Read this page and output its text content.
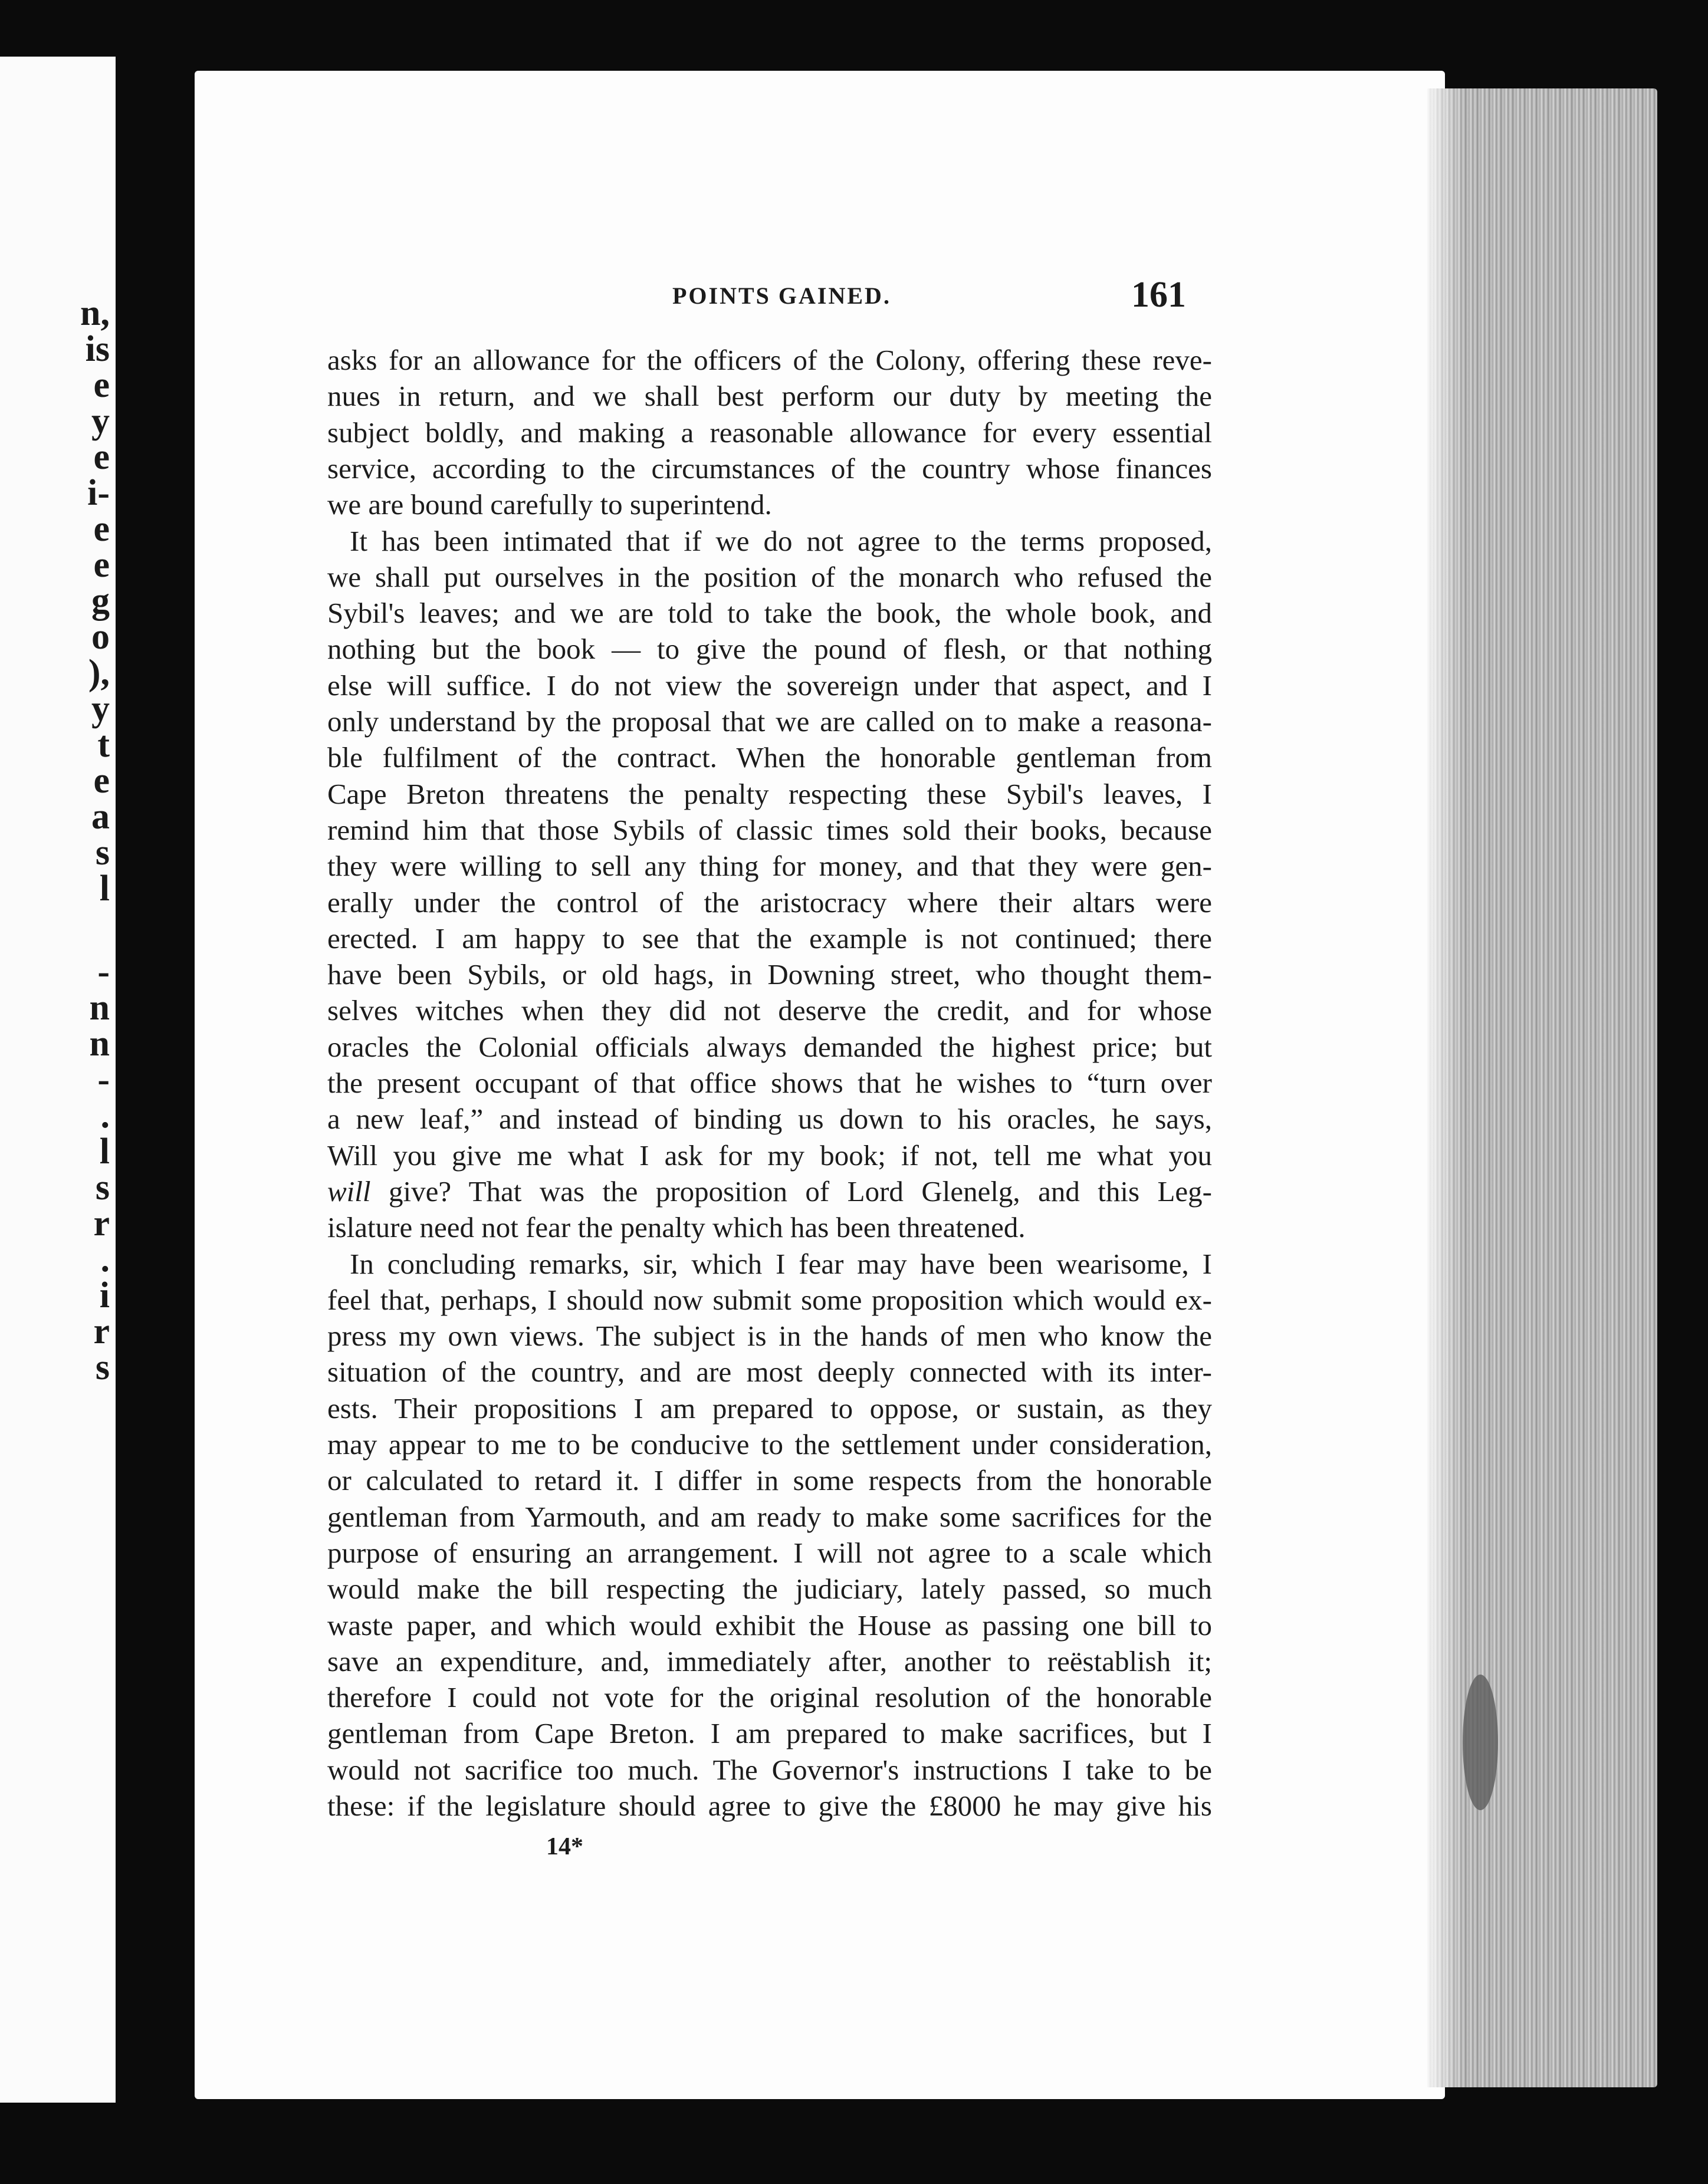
n,
is
e
y
e
i-
e
e
g
o
),
y
t
e
a
s
l
-
n
n
-
.
l
s
r
.
i
r
s
POINTS GAINED.	161
asks for an allowance for the officers of the Colony, offering these reve-
nues in return, and we shall best perform our duty by meeting the
subject boldly, and making a reasonable allowance for every essential
service, according to the circumstances of the country whose finances
we are bound carefully to superintend.
It has been intimated that if we do not agree to the terms proposed,
we shall put ourselves in the position of the monarch who refused the
Sybil's leaves; and we are told to take the book, the whole book, and
nothing but the book — to give the pound of flesh, or that nothing
else will suffice. I do not view the sovereign under that aspect, and I
only understand by the proposal that we are called on to make a reasona-
ble fulfilment of the contract. When the honorable gentleman from
Cape Breton threatens the penalty respecting these Sybil's leaves, I
remind him that those Sybils of classic times sold their books, because
they were willing to sell any thing for money, and that they were gen-
erally under the control of the aristocracy where their altars were
erected. I am happy to see that the example is not continued; there
have been Sybils, or old hags, in Downing street, who thought them-
selves witches when they did not deserve the credit, and for whose
oracles the Colonial officials always demanded the highest price; but
the present occupant of that office shows that he wishes to “turn over
a new leaf,” and instead of binding us down to his oracles, he says,
Will you give me what I ask for my book; if not, tell me what you
will give? That was the proposition of Lord Glenelg, and this Leg-
islature need not fear the penalty which has been threatened.
In concluding remarks, sir, which I fear may have been wearisome, I
feel that, perhaps, I should now submit some proposition which would ex-
press my own views. The subject is in the hands of men who know the
situation of the country, and are most deeply connected with its inter-
ests. Their propositions I am prepared to oppose, or sustain, as they
may appear to me to be conducive to the settlement under consideration,
or calculated to retard it. I differ in some respects from the honorable
gentleman from Yarmouth, and am ready to make some sacrifices for the
purpose of ensuring an arrangement. I will not agree to a scale which
would make the bill respecting the judiciary, lately passed, so much
waste paper, and which would exhibit the House as passing one bill to
save an expenditure, and, immediately after, another to reëstablish it;
therefore I could not vote for the original resolution of the honorable
gentleman from Cape Breton. I am prepared to make sacrifices, but I
would not sacrifice too much. The Governor's instructions I take to be
these: if the legislature should agree to give the £8000 he may give his
14*
